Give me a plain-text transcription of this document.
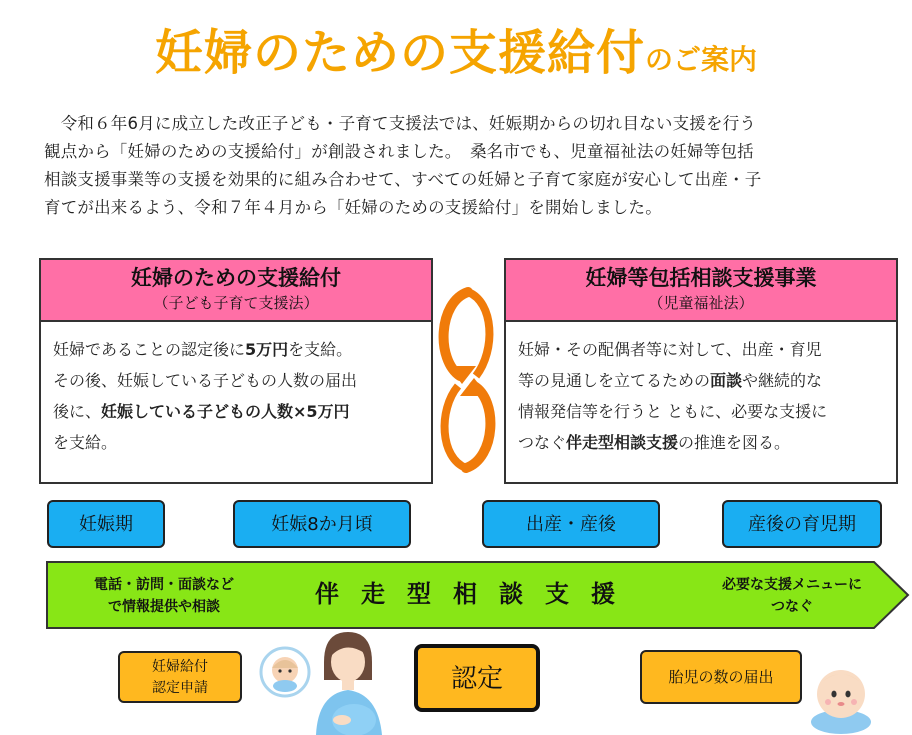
妊婦のための支援給付のご案内
　令和６年6月に成立した改正子ども・子育て支援法では、妊娠期からの切れ目ない支援を行う
観点から「妊婦のための支援給付」が創設されました。　桑名市でも、児童福祉法の妊婦等包括
相談支援事業等の支援を効果的に組み合わせて、すべての妊婦と子育て家庭が安心して出産・子
育てが出来るよう、令和７年４月から「妊婦のための支援給付」を開始しました。
妊婦のための支援給付
（子ども子育て支援法）
妊婦であることの認定後に5万円を支給。
その後、妊娠している子どもの人数の届出
後に、妊娠している子どもの人数×5万円
を支給。
妊婦等包括相談支援事業
（児童福祉法）
妊婦・その配偶者等に対して、出産・育児
等の見通しを立てるための面談や継続的な
情報発信等を行うと ともに、必要な支援に
つなぐ伴走型相談支援の推進を図る。
妊娠期	妊娠8か月頃	出産・産後	産後の育児期
電話・訪問・面談など
で情報提供や相談	伴走型相談支援	必要な支援メニューに
つなぐ
妊婦給付
認定申請	認定	胎児の数の届出
